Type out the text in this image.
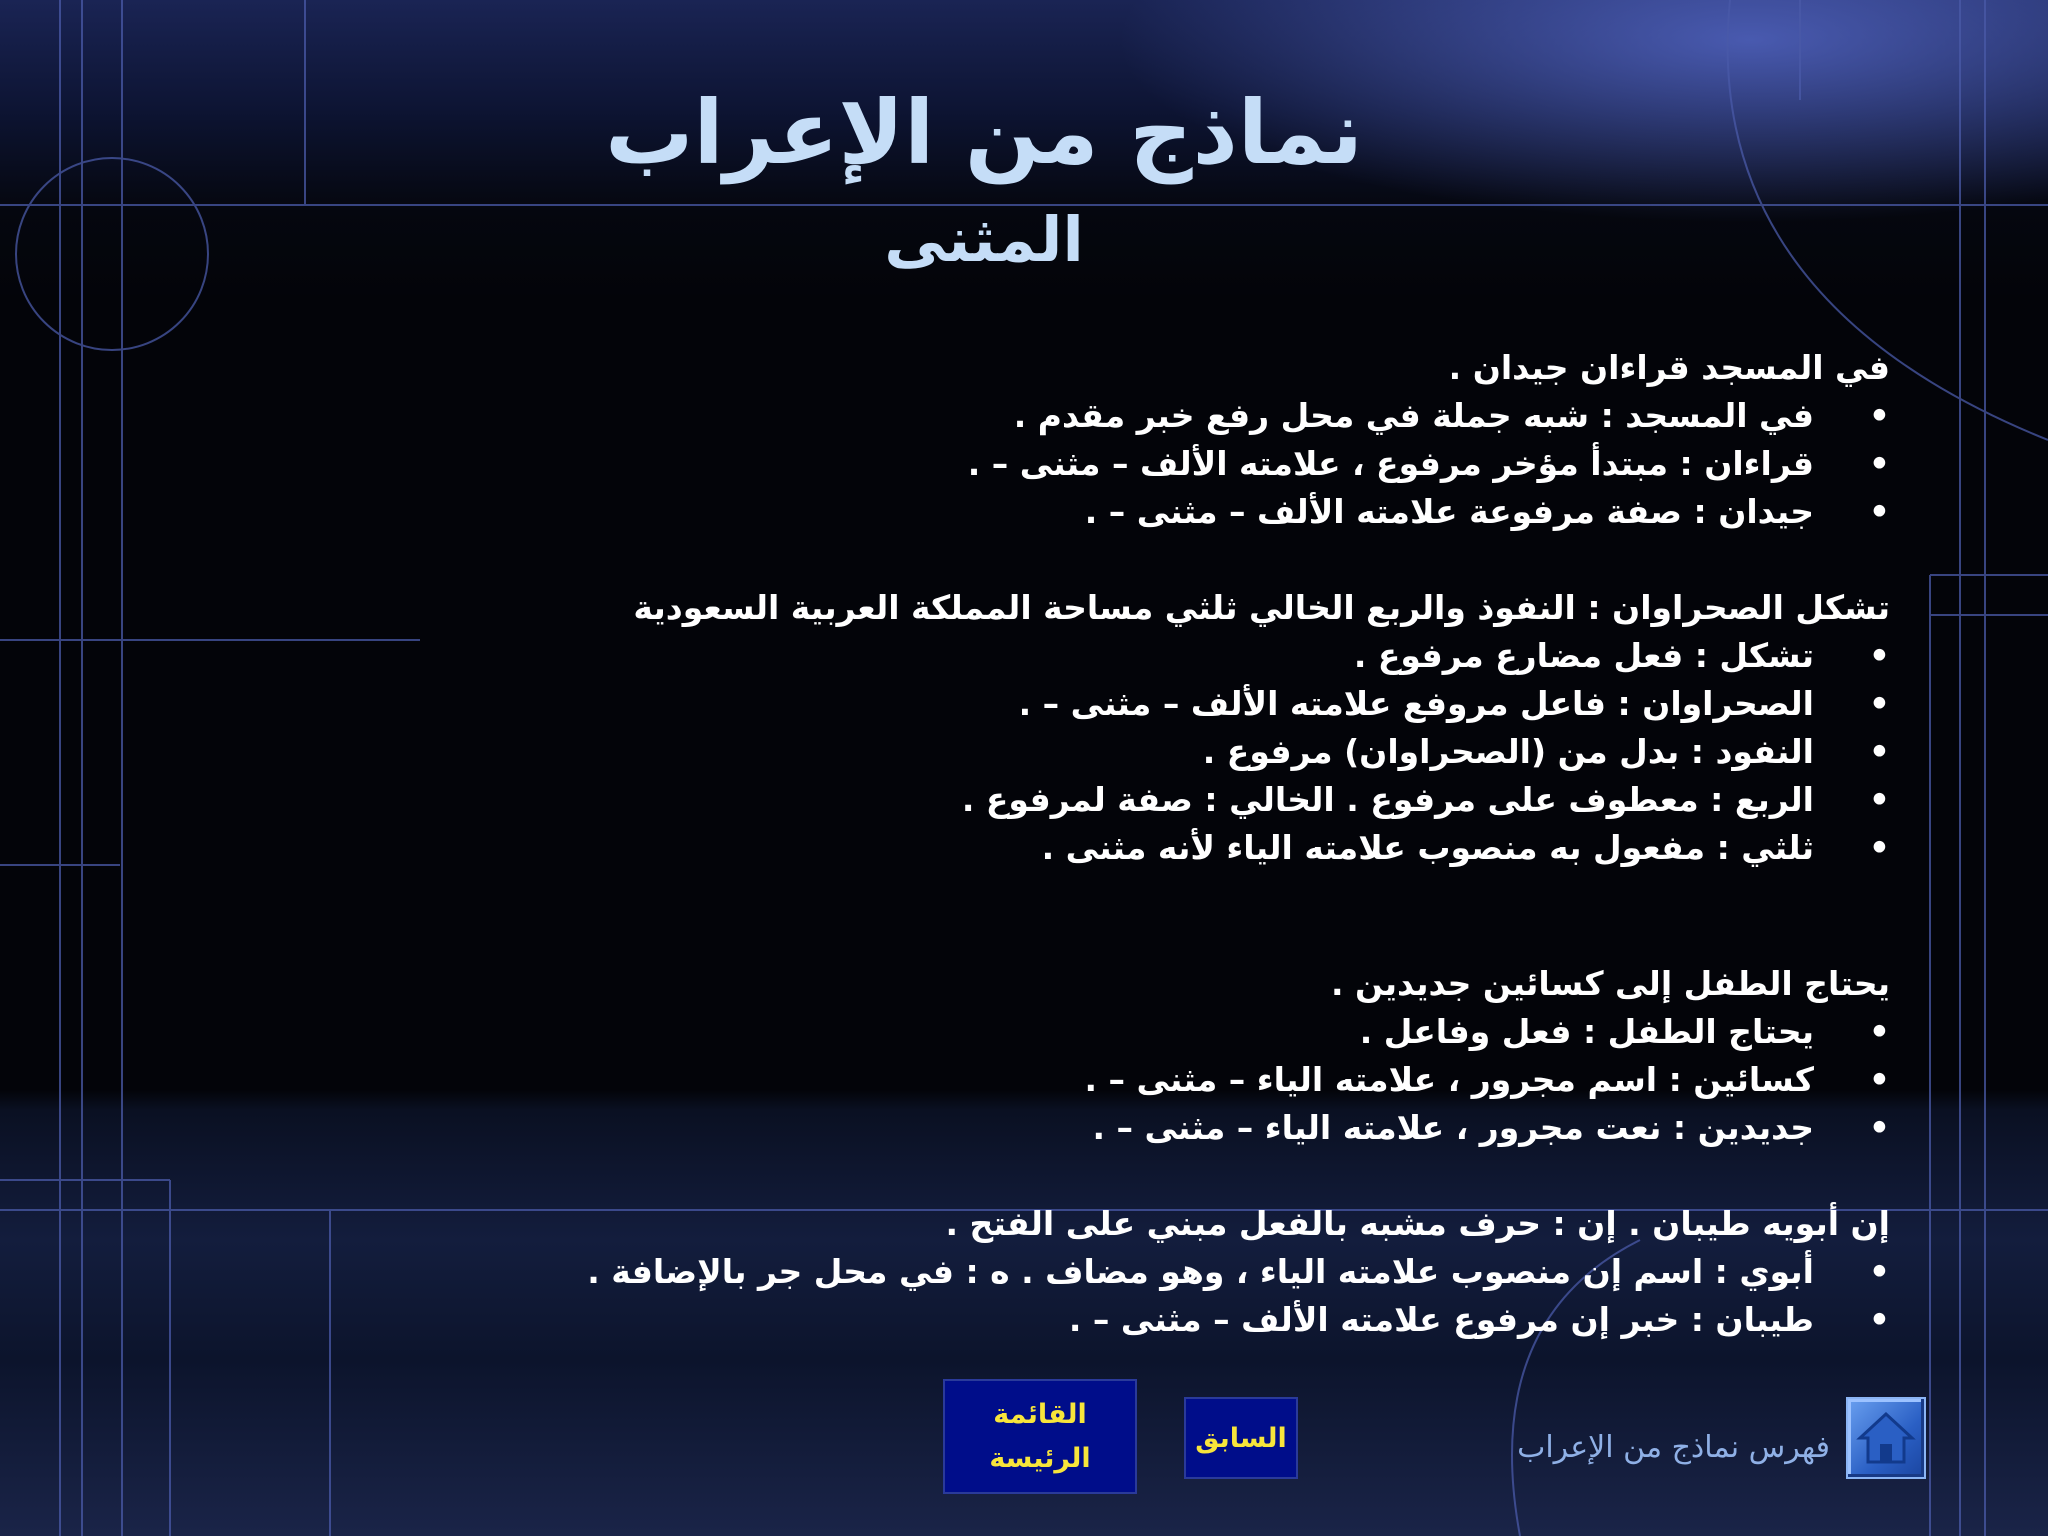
نماذج من الإعراب
المثنى
في المسجد قراءان جيدان .
• في المسجد : شبه جملة في محل رفع خبر مقدم .
• قراءان : مبتدأ مؤخر مرفوع ، علامته الألف – مثنى – .
• جيدان : صفة مرفوعة علامته الألف – مثنى – .
تشكل الصحراوان : النفوذ والربع الخالي ثلثي مساحة المملكة العربية السعودية
• تشكل : فعل مضارع مرفوع .
• الصحراوان : فاعل مروفع علامته الألف – مثنى – .
• النفود : بدل من (الصحراوان) مرفوع .
• الربع : معطوف على مرفوع . الخالي : صفة لمرفوع .
• ثلثي : مفعول به منصوب علامته الياء لأنه مثنى .
يحتاج الطفل إلى كسائين جديدين .
• يحتاج الطفل : فعل وفاعل .
• كسائين : اسم مجرور ، علامته الياء – مثنى – .
• جديدين : نعت مجرور ، علامته الياء – مثنى – .
إن أبويه طيبان . إن : حرف مشبه بالفعل مبني على الفتح .
• أبوي : اسم إن منصوب علامته الياء ، وهو مضاف . ه : في محل جر بالإضافة .
• طيبان : خبر إن مرفوع علامته الألف – مثنى – .
القائمة
الرئيسة
السابق	فهرس نماذج من الإعراب
